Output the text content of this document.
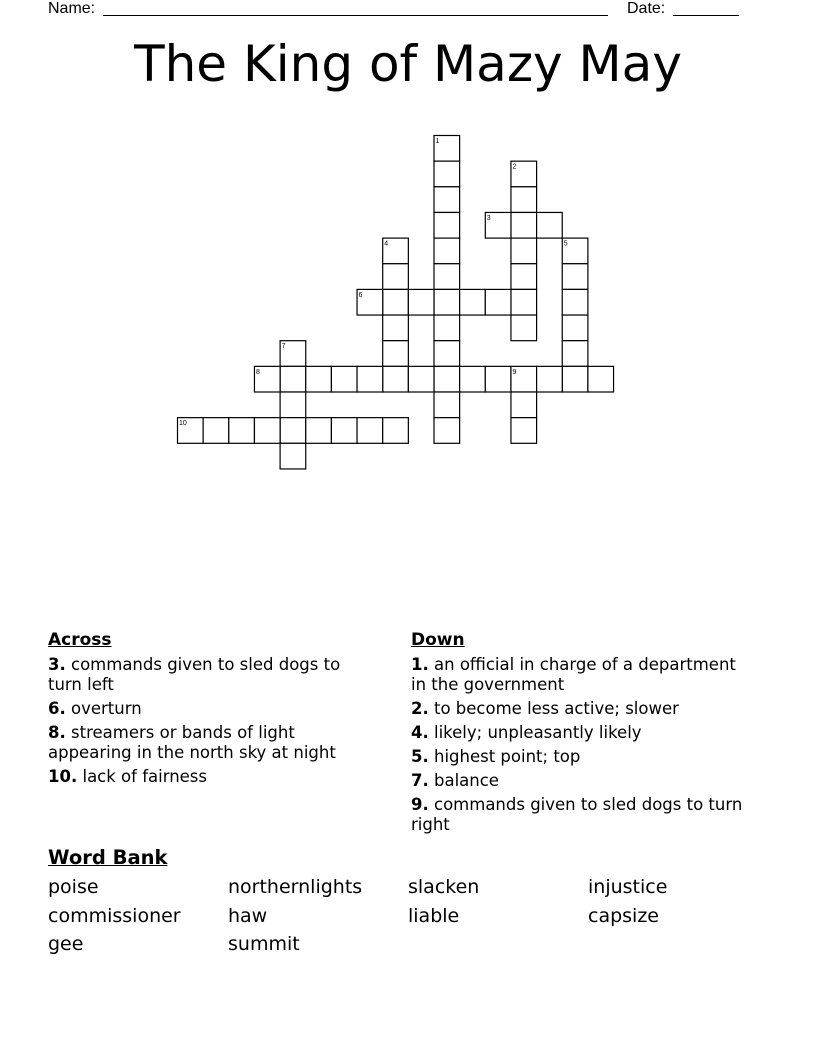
Name:	Date:
The King of Mazy May
1
2
3
4	5
6
7
8	9
10
Across
3. commands given to sled dogs to turn left
6. overturn
8. streamers or bands of light appearing in the north sky at night
10. lack of fairness
Down
1. an official in charge of a department in the government
2. to become less active; slower
4. likely; unpleasantly likely
5. highest point; top
7. balance
9. commands given to sled dogs to turn right
Word Bank
poise	northernlights	slacken	injustice
commissioner	haw	liable	capsize
gee	summit
